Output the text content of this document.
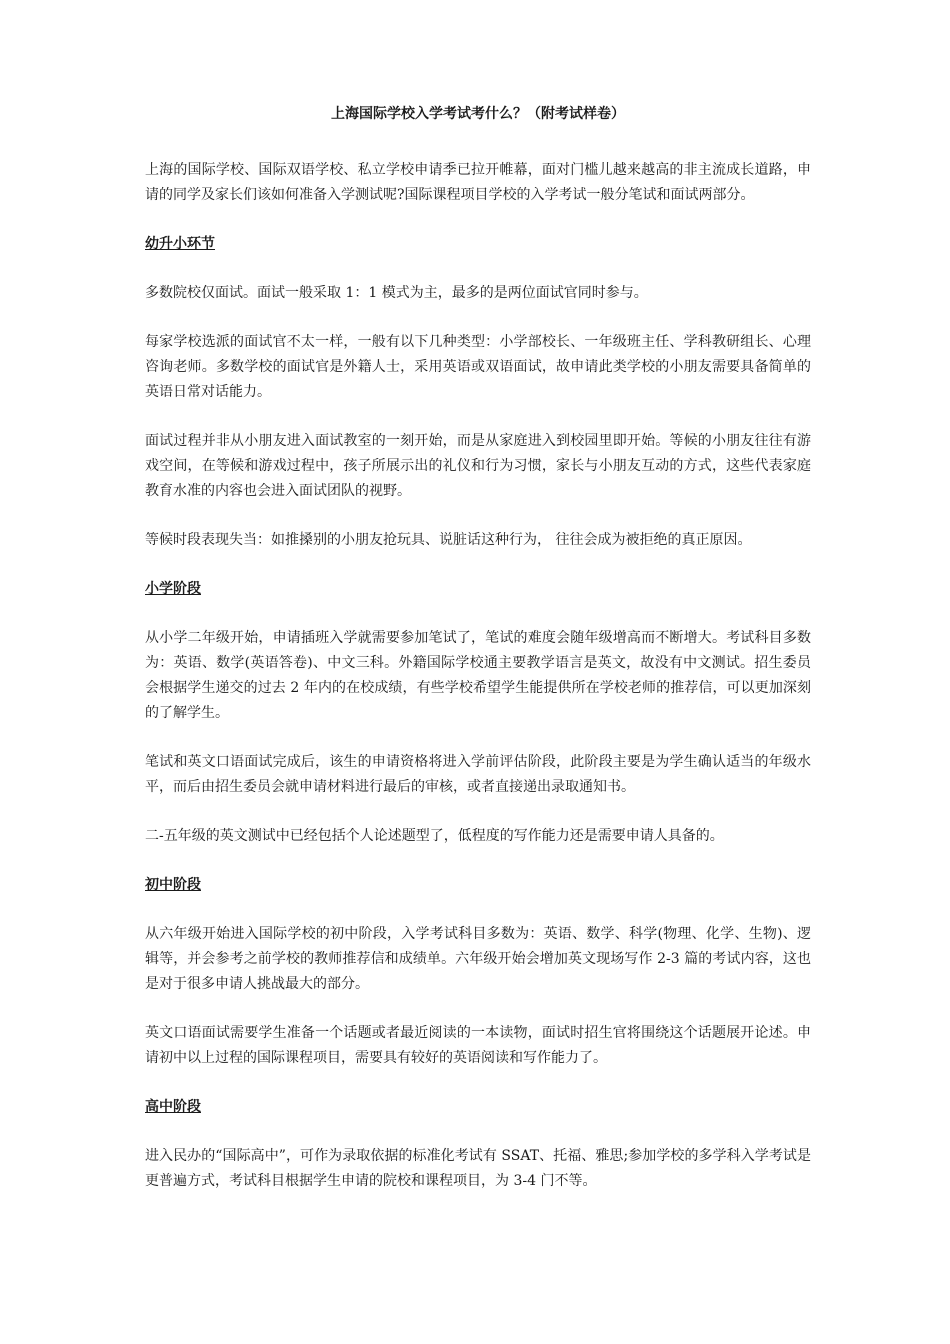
上海国际学校入学考试考什么？（附考试样卷）

上海的国际学校、国际双语学校、私立学校申请季已拉开帷幕，面对门槛儿越来越高的非主流成长道路，申请的同学及家长们该如何准备入学测试呢?国际课程项目学校的入学考试一般分笔试和面试两部分。

幼升小环节

多数院校仅面试。面试一般采取 1：1 模式为主，最多的是两位面试官同时参与。

每家学校选派的面试官不太一样，一般有以下几种类型：小学部校长、一年级班主任、学科教研组长、心理咨询老师。多数学校的面试官是外籍人士，采用英语或双语面试，故申请此类学校的小朋友需要具备简单的英语日常对话能力。

面试过程并非从小朋友进入面试教室的一刻开始，而是从家庭进入到校园里即开始。等候的小朋友往往有游戏空间，在等候和游戏过程中，孩子所展示出的礼仪和行为习惯，家长与小朋友互动的方式，这些代表家庭教育水准的内容也会进入面试团队的视野。

等候时段表现失当：如推搡别的小朋友抢玩具、说脏话这种行为， 往往会成为被拒绝的真正原因。

小学阶段

从小学二年级开始，申请插班入学就需要参加笔试了，笔试的难度会随年级增高而不断增大。考试科目多数为：英语、数学(英语答卷)、中文三科。外籍国际学校通主要教学语言是英文，故没有中文测试。招生委员会根据学生递交的过去 2 年内的在校成绩，有些学校希望学生能提供所在学校老师的推荐信，可以更加深刻的了解学生。

笔试和英文口语面试完成后，该生的申请资格将进入学前评估阶段，此阶段主要是为学生确认适当的年级水平，而后由招生委员会就申请材料进行最后的审核，或者直接递出录取通知书。

二-五年级的英文测试中已经包括个人论述题型了，低程度的写作能力还是需要申请人具备的。

初中阶段

从六年级开始进入国际学校的初中阶段，入学考试科目多数为：英语、数学、科学(物理、化学、生物)、逻辑等，并会参考之前学校的教师推荐信和成绩单。六年级开始会增加英文现场写作 2-3 篇的考试内容，这也是对于很多申请人挑战最大的部分。

英文口语面试需要学生准备一个话题或者最近阅读的一本读物，面试时招生官将围绕这个话题展开论述。申请初中以上过程的国际课程项目，需要具有较好的英语阅读和写作能力了。

高中阶段

进入民办的“国际高中”，可作为录取依据的标准化考试有 SSAT、托福、雅思;参加学校的多学科入学考试是更普遍方式，考试科目根据学生申请的院校和课程项目，为 3-4 门不等。
